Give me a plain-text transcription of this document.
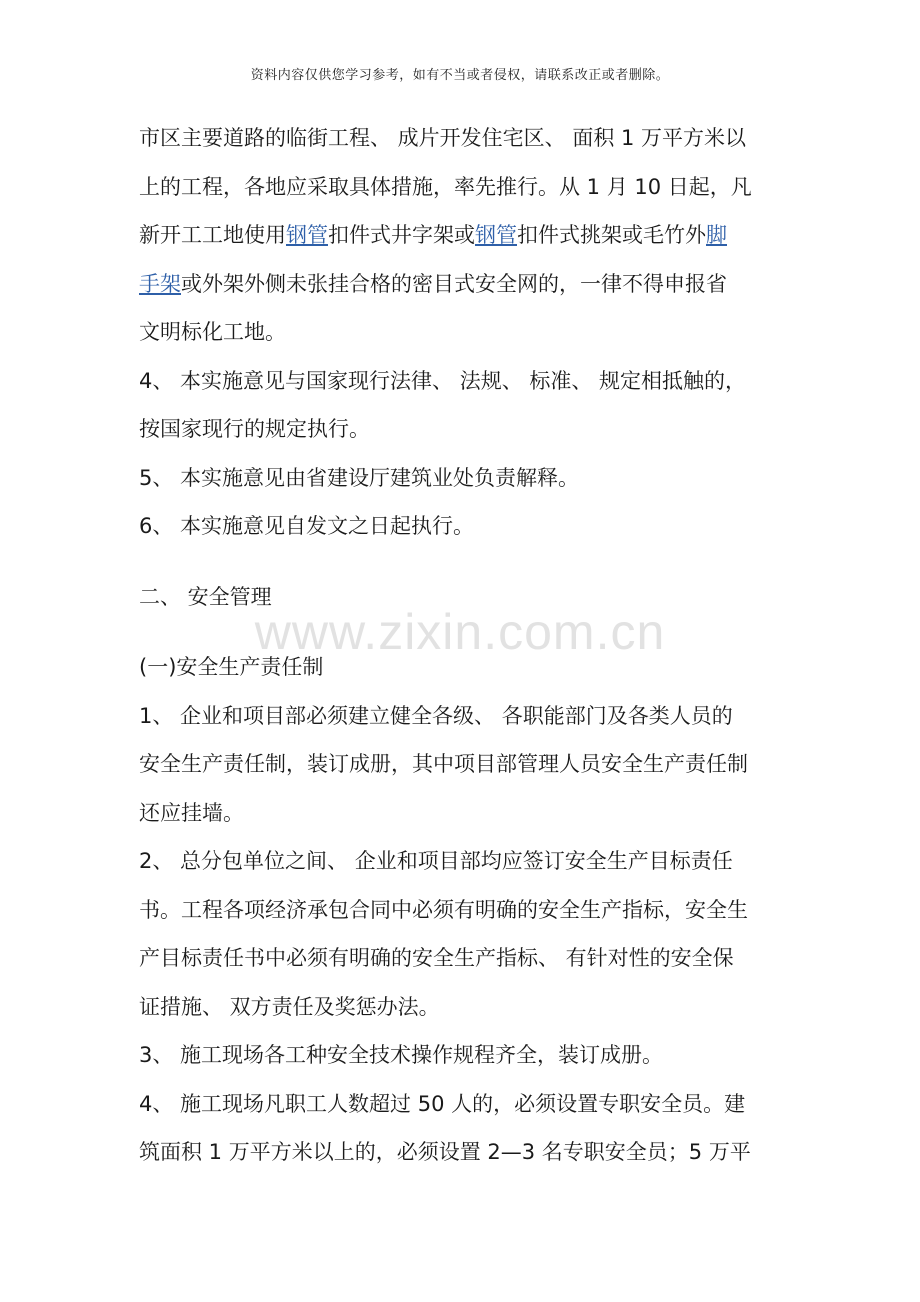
资料内容仅供您学习参考，如有不当或者侵权，请联系改正或者删除。
www.zixin.com.cn
市区主要道路的临街工程、 成片开发住宅区、 面积 1 万平方米以
上的工程，各地应采取具体措施，率先推行。从 1 月 10 日起，凡
新开工工地使用钢管扣件式井字架或钢管扣件式挑架或毛竹外脚
手架或外架外侧未张挂合格的密目式安全网的，一律不得申报省
文明标化工地。
4、 本实施意见与国家现行法律、 法规、 标准、 规定相抵触的，
按国家现行的规定执行。
5、 本实施意见由省建设厅建筑业处负责解释。
6、 本实施意见自发文之日起执行。
二、 安全管理
(一)安全生产责任制
1、 企业和项目部必须建立健全各级、 各职能部门及各类人员的
安全生产责任制，装订成册，其中项目部管理人员安全生产责任制
还应挂墙。
2、 总分包单位之间、 企业和项目部均应签订安全生产目标责任
书。工程各项经济承包合同中必须有明确的安全生产指标，安全生
产目标责任书中必须有明确的安全生产指标、 有针对性的安全保
证措施、 双方责任及奖惩办法。
3、 施工现场各工种安全技术操作规程齐全，装订成册。
4、 施工现场凡职工人数超过 50 人的，必须设置专职安全员。建
筑面积 1 万平方米以上的，必须设置 2—3 名专职安全员；5 万平
